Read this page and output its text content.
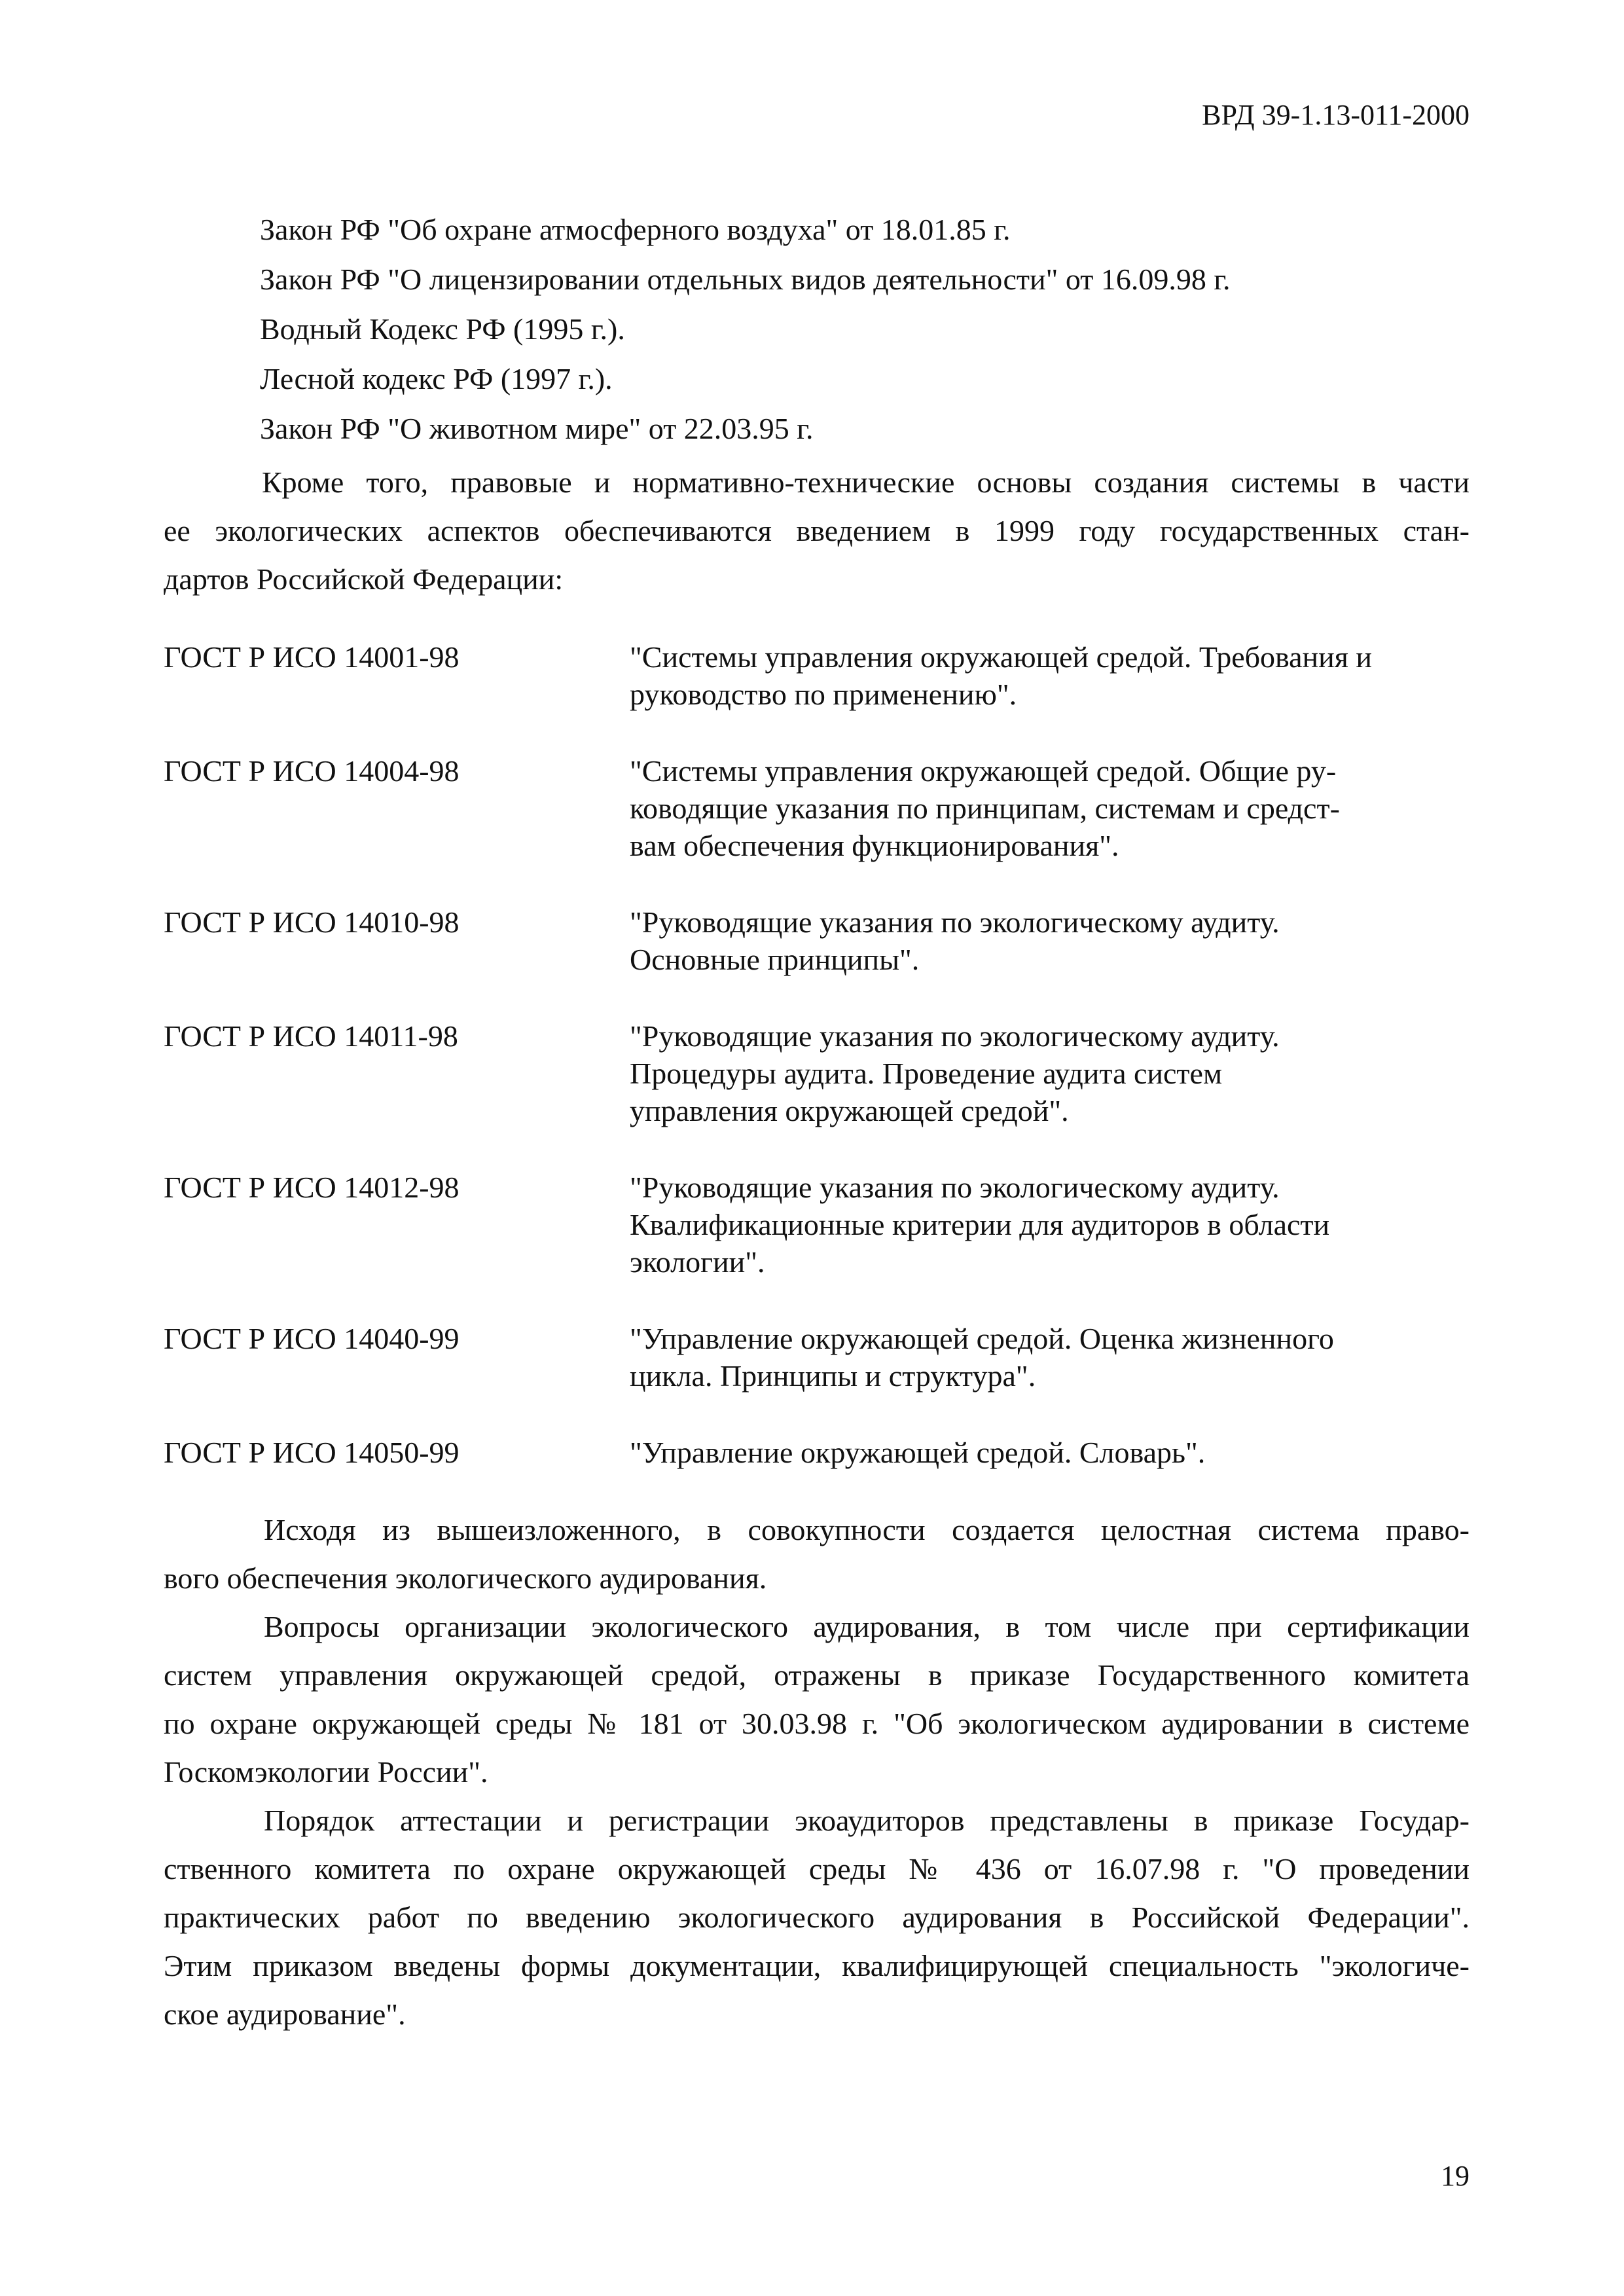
ВРД 39-1.13-011-2000
Закон РФ "Об охране атмосферного воздуха" от 18.01.85 г.
Закон РФ "О лицензировании отдельных видов деятельности" от 16.09.98 г.
Водный Кодекс РФ (1995 г.).
Лесной кодекс РФ (1997 г.).
Закон РФ "О животном мире" от 22.03.95 г.
Кроме того, правовые и нормативно-технические основы создания системы в части
ее экологических аспектов обеспечиваются введением в 1999 году государственных стан-
дартов Российской Федерации:
ГОСТ Р ИСО 14001-98	"Системы управления окружающей средой. Требования и
руководство по применению".
ГОСТ Р ИСО 14004-98	"Системы управления окружающей средой. Общие ру-
ководящие указания по принципам, системам и средст-
вам обеспечения функционирования".
ГОСТ Р ИСО 14010-98	"Руководящие указания по экологическому аудиту.
Основные принципы".
ГОСТ Р ИСО 14011-98	"Руководящие указания по экологическому аудиту.
Процедуры аудита. Проведение аудита систем
управления окружающей средой".
ГОСТ Р ИСО 14012-98	"Руководящие указания по экологическому аудиту.
Квалификационные критерии для аудиторов в области
экологии".
ГОСТ Р ИСО 14040-99	"Управление окружающей средой. Оценка жизненного
цикла. Принципы и структура".
ГОСТ Р ИСО 14050-99	"Управление окружающей средой. Словарь".
Исходя из вышеизложенного, в совокупности создается целостная система право-
вого обеспечения экологического аудирования.
Вопросы организации экологического аудирования, в том числе при сертификации
систем управления окружающей средой, отражены в приказе Государственного комитета
по охране окружающей среды № 181 от 30.03.98 г. "Об экологическом аудировании в системе
Госкомэкологии России".
Порядок аттестации и регистрации экоаудиторов представлены в приказе Государ-
ственного комитета по охране окружающей среды № 436 от 16.07.98 г. "О проведении
практических работ по введению экологического аудирования в Российской Федерации".
Этим приказом введены формы документации, квалифицирующей специальность "экологиче-
ское аудирование".
19
